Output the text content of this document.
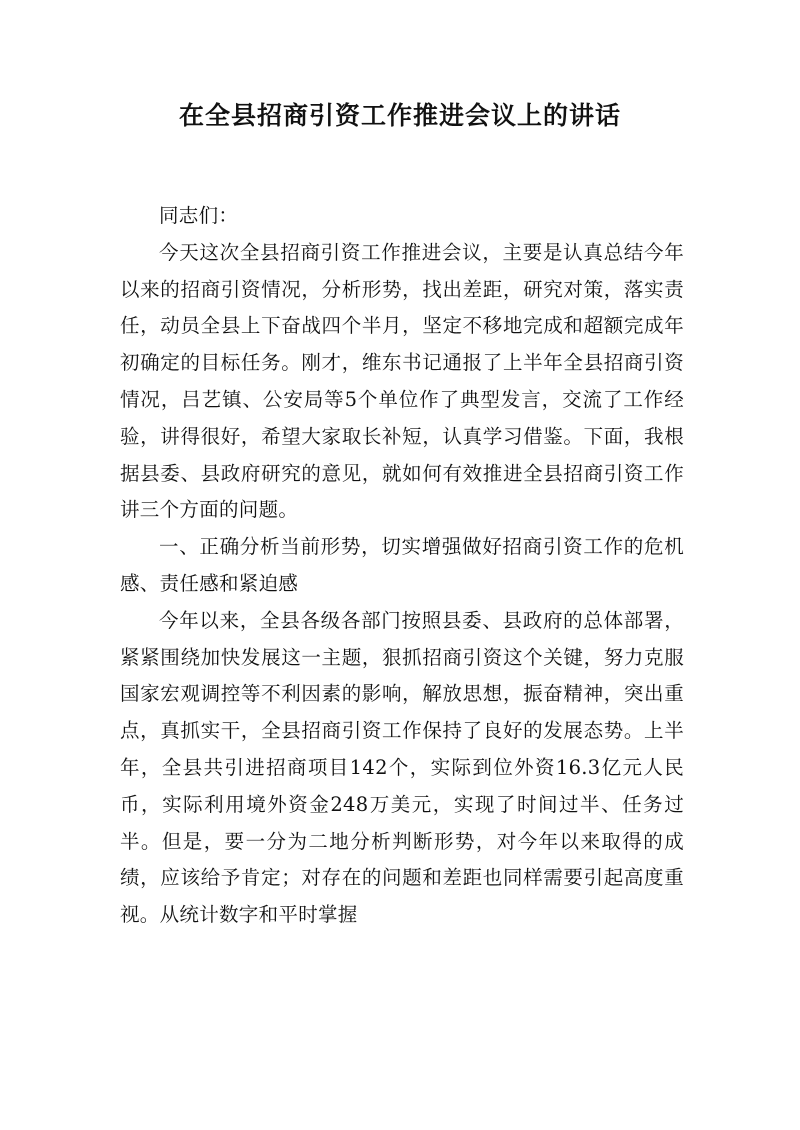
在全县招商引资工作推进会议上的讲话

同志们：

今天这次全县招商引资工作推进会议，主要是认真总结今年以来的招商引资情况，分析形势，找出差距，研究对策，落实责任，动员全县上下奋战四个半月，坚定不移地完成和超额完成年初确定的目标任务。刚才，维东书记通报了上半年全县招商引资情况，吕艺镇、公安局等5个单位作了典型发言，交流了工作经验，讲得很好，希望大家取长补短，认真学习借鉴。下面，我根据县委、县政府研究的意见，就如何有效推进全县招商引资工作讲三个方面的问题。

一、正确分析当前形势，切实增强做好招商引资工作的危机感、责任感和紧迫感

今年以来，全县各级各部门按照县委、县政府的总体部署，紧紧围绕加快发展这一主题，狠抓招商引资这个关键，努力克服国家宏观调控等不利因素的影响，解放思想，振奋精神，突出重点，真抓实干，全县招商引资工作保持了良好的发展态势。上半年，全县共引进招商项目142个，实际到位外资16.3亿元人民币，实际利用境外资金248万美元，实现了时间过半、任务过半。但是，要一分为二地分析判断形势，对今年以来取得的成绩，应该给予肯定；对存在的问题和差距也同样需要引起高度重视。从统计数字和平时掌握
